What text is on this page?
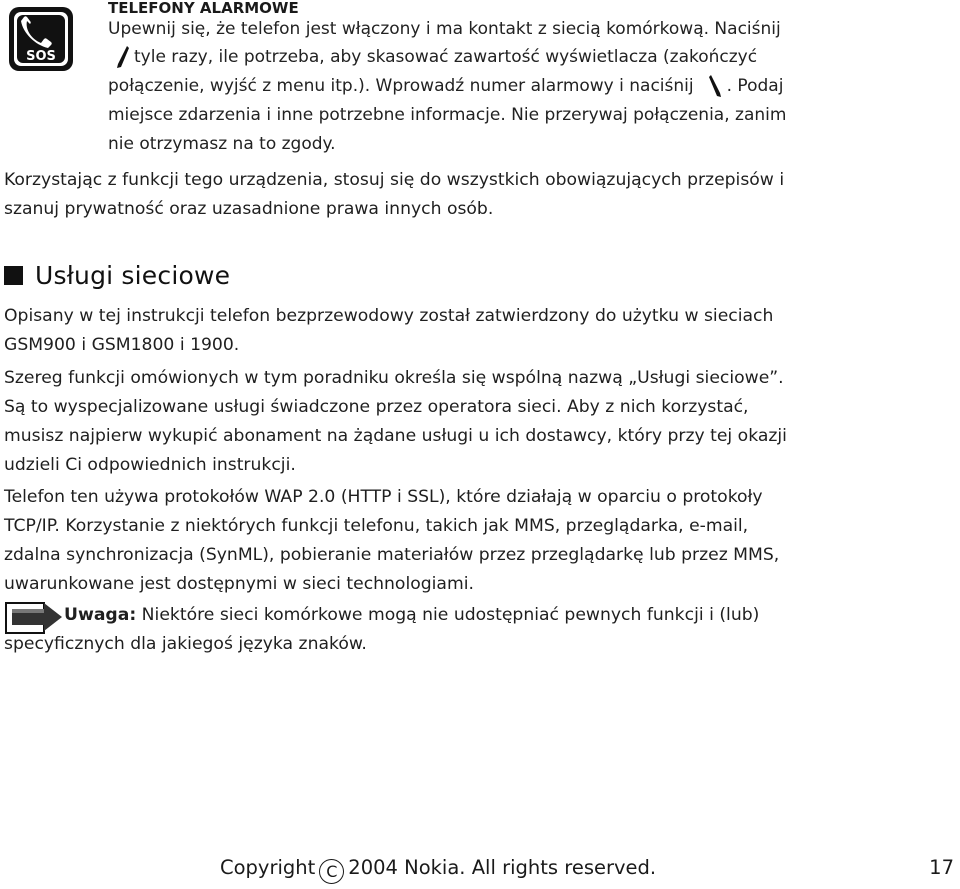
SOS
TELEFONY ALARMOWE
Upewnij się, że telefon jest włączony i ma kontakt z siecią komórkową. Naciśnij
tyle razy, ile potrzeba, aby skasować zawartość wyświetlacza (zakończyć
połączenie, wyjść z menu itp.). Wprowadź numer alarmowy i naciśnij . Podaj
miejsce zdarzenia i inne potrzebne informacje. Nie przerywaj połączenia, zanim
nie otrzymasz na to zgody.
Korzystając z funkcji tego urządzenia, stosuj się do wszystkich obowiązujących przepisów i
szanuj prywatność oraz uzasadnione prawa innych osób.
Usługi sieciowe
Opisany w tej instrukcji telefon bezprzewodowy został zatwierdzony do użytku w sieciach
GSM900 i GSM1800 i 1900.
Szereg funkcji omówionych w tym poradniku określa się wspólną nazwą „Usługi sieciowe”.
Są to wyspecjalizowane usługi świadczone przez operatora sieci. Aby z nich korzystać,
musisz najpierw wykupić abonament na żądane usługi u ich dostawcy, który przy tej okazji
udzieli Ci odpowiednich instrukcji.
Telefon ten używa protokołów WAP 2.0 (HTTP i SSL), które działają w oparciu o protokoły
TCP/IP. Korzystanie z niektórych funkcji telefonu, takich jak MMS, przeglądarka, e-mail,
zdalna synchronizacja (SynML), pobieranie materiałów przez przeglądarkę lub przez MMS,
uwarunkowane jest dostępnymi w sieci technologiami.
Uwaga: Niektóre sieci komórkowe mogą nie udostępniać pewnych funkcji i (lub)
specyficznych dla jakiegoś języka znaków.
Copyright C 2004 Nokia. All rights reserved.	17
